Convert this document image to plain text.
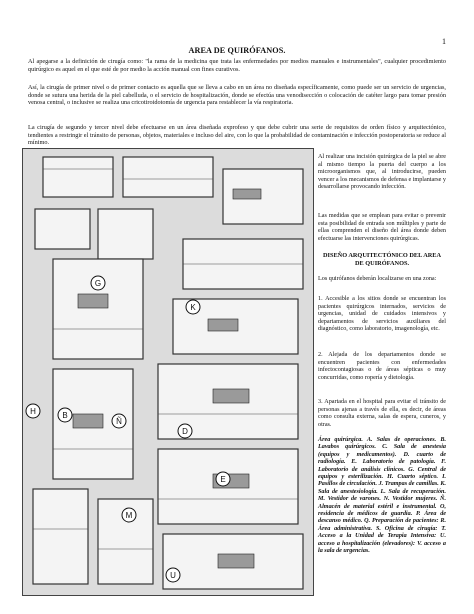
1
AREA DE QUIRÓFANOS.

Al apegarse a la definición de cirugía como: "la rama de la medicina que trata las enfermedades por medios manuales e instrumentales", cualquier procedimiento quirúrgico es aquel en el que esté de por medio la acción manual con fines curativos.

Así, la cirugía de primer nivel o de primer contacto es aquella que se lleva a cabo en un área no diseñada específicamente, como puede ser un servicio de urgencias, donde se sutura una herida de la piel cabelluda, o el servicio de hospitalización, donde se efectúa una venodisección o colocación de catéter largo para tomar presión venosa central, o inclusive se realiza una cricotiroidotomía de urgencia para restablecer la vía respiratoria.

La cirugía de segundo y tercer nivel debe efectuarse en un área diseñada exprofeso y que debe cubrir una serie de requisitos de orden físico y arquitectónico, tendientes a restringir el tránsito de personas, objetos, materiales e incluso del aire, con lo que la probabilidad de contaminación e infección postoperatoria se reduce al mínimo.

G
H	B
D
K
E
Ñ
M
U

Al realizar una incisión quirúrgica de la piel se abre al mismo tiempo la puerta del cuerpo a los microorganismos que, al introducirse, pueden vencer a los mecanismos de defensa e implantarse y desarrollarse provocando infección.

Las medidas que se emplean para evitar o prevenir esta posibilidad de entrada son múltiples y parte de ellas comprenden el diseño del área donde deben efectuarse las intervenciones quirúrgicas.

DISEÑO ARQUITECTÓNICO DEL AREA DE QUIRÓFANOS.

Los quirófanos deberán localizarse en una zona:

1. Accesible a los sitios donde se encuentran los pacientes quirúrgicos internados, servicios de urgencias, unidad de cuidados intensivos y departamentos de servicios auxiliares del diagnóstico, como laboratorio, imagenología, etc.

2. Alejada de los departamentos donde se encuentren pacientes con enfermedades infectocontagiosas o de áreas sépticas o muy concurridas, como ropería y dietología.

3. Apartada en el hospital para evitar el tránsito de personas ajenas a través de ella, es decir, de áreas como consulta externa, salas de espera, cuneros, y otras.

Área quirúrgica. A. Salas de operaciones. B. Lavabos quirúrgicos. C. Sala de anestesia (equipos y medicamentos). D. cuarto de radiología. E. Laboratorio de patología. F. Laboratorio de análisis clínicos. G. Central de equipos y esterilización. H. Cuarto séptico. I. Pasillos de circulación. J. Trampas de camillas. K. Sala de anestesiología. L. Sala de recuperación. M. Vestidor de varones. N. Vestidor mujeres. Ñ. Almacén de material estéril e instrumental. O, residencia de médicos de guardia. P. Área de descanso médico. Q. Preparación de pacientes: R. Área administrativa. S. Oficina de cirugía: T. Acceso a la Unidad de Terapia Intensiva: U. acceso a hospitalización (elevadores): V. acceso a la sala de urgencias.
